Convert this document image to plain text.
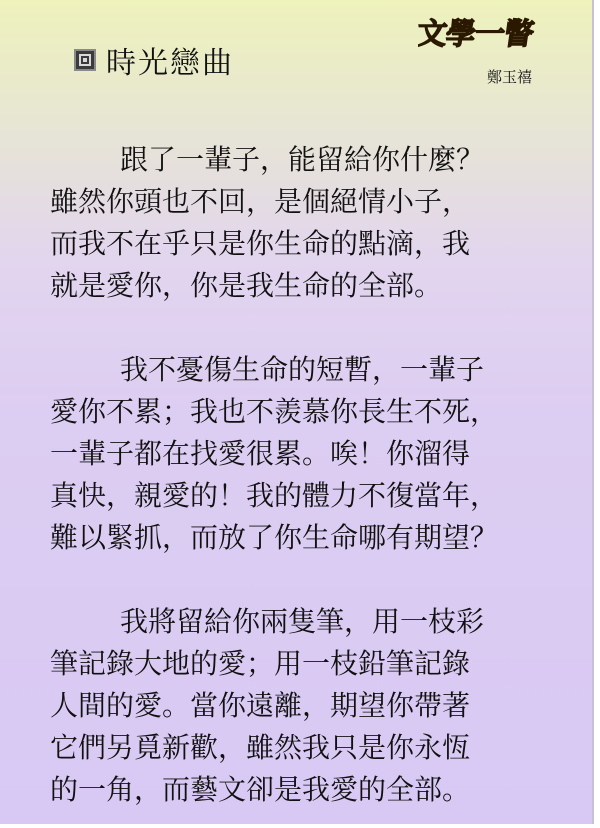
時光戀曲
文學一瞥
鄭玉禧
跟了一輩子，能留給你什麼？
雖然你頭也不回，是個絕情小子，
而我不在乎只是你生命的點滴，我
就是愛你，你是我生命的全部。
我不憂傷生命的短暫，一輩子
愛你不累；我也不羨慕你長生不死，
一輩子都在找愛很累。唉！你溜得
真快，親愛的！我的體力不復當年，
難以緊抓，而放了你生命哪有期望？
我將留給你兩隻筆，用一枝彩
筆記錄大地的愛；用一枝鉛筆記錄
人間的愛。當你遠離，期望你帶著
它們另覓新歡，雖然我只是你永恆
的一角，而藝文卻是我愛的全部。
